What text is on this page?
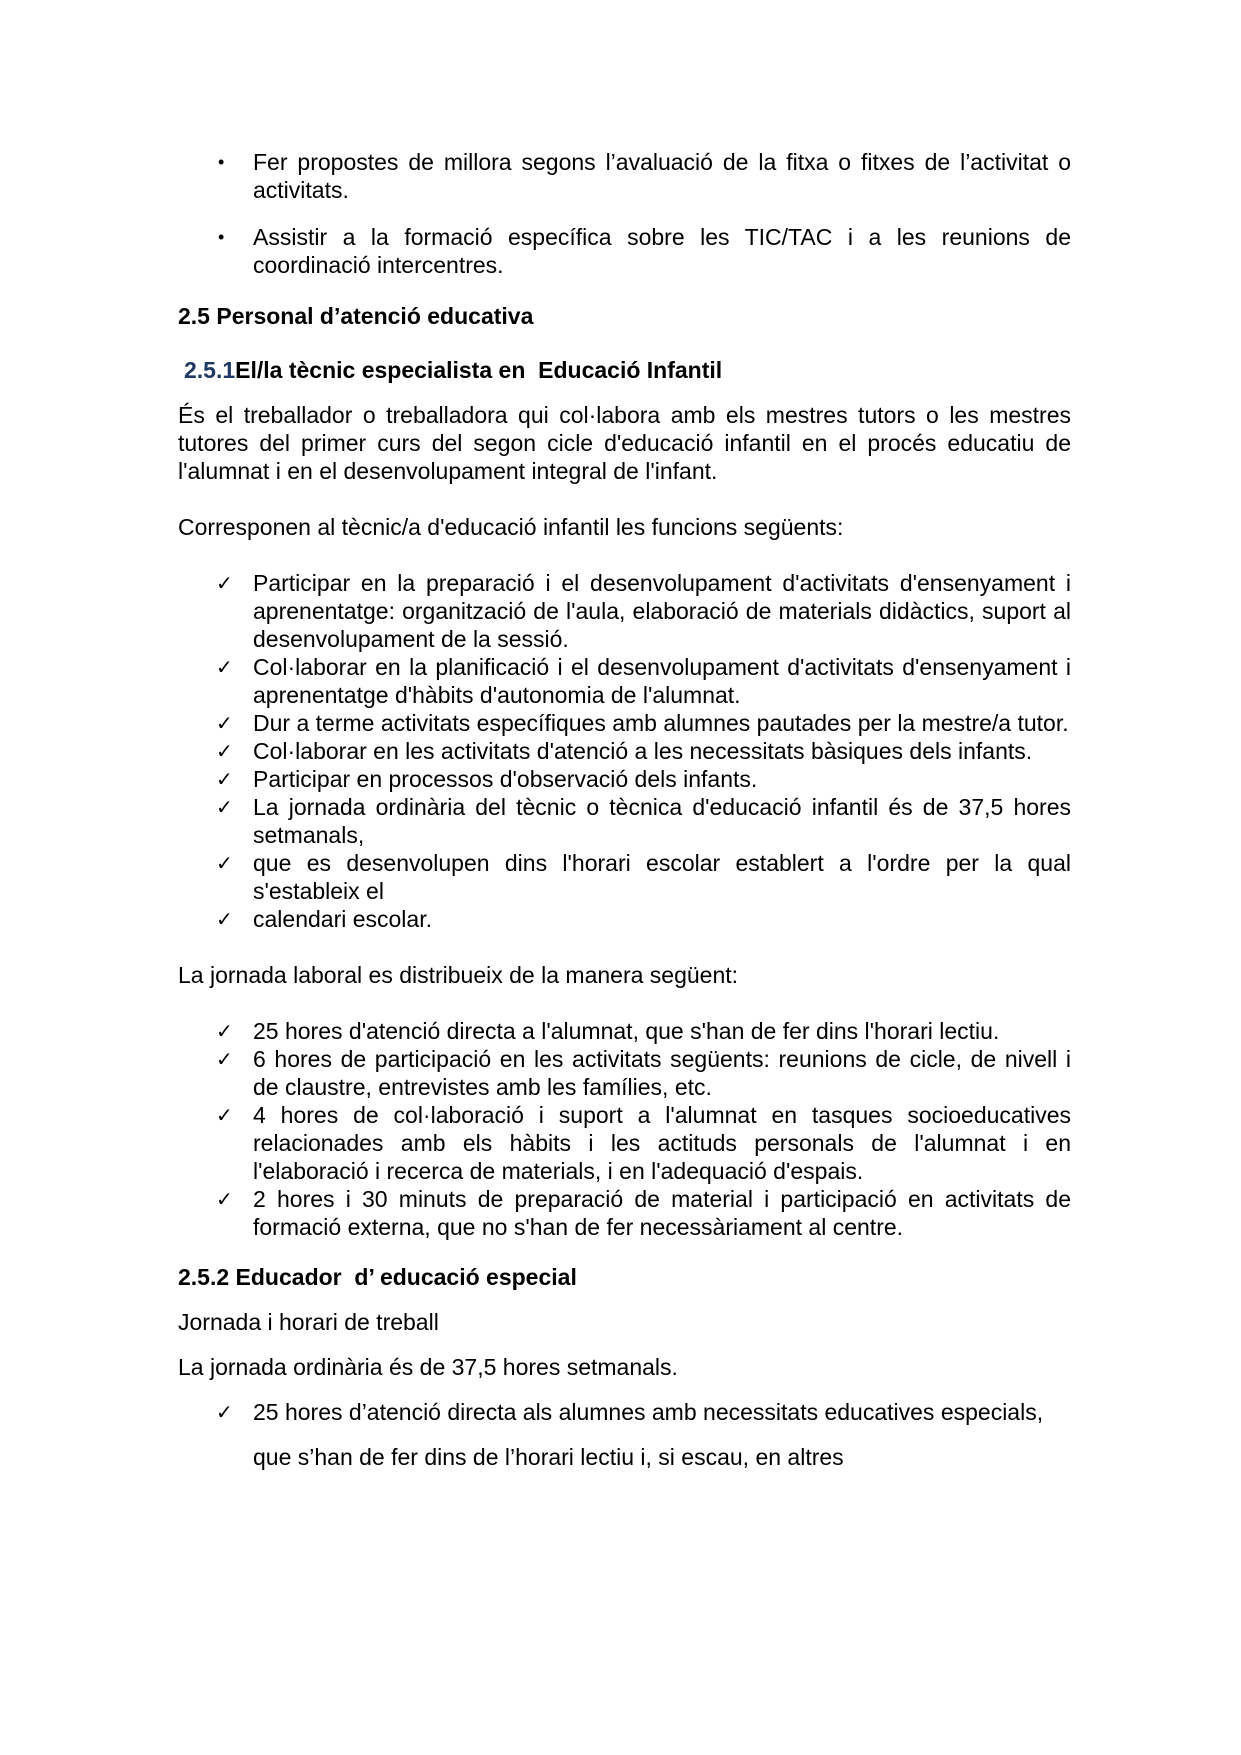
• Fer propostes de millora segons l’avaluació de la fitxa o fitxes de l’activitat o activitats.
• Assistir a la formació específica sobre les TIC/TAC i a les reunions de coordinació intercentres.
2.5 Personal d’atenció educativa
2.5.1El/la tècnic especialista en  Educació Infantil

És el treballador o treballadora qui col·labora amb els mestres tutors o les mestres tutores del primer curs del segon cicle d'educació infantil en el procés educatiu de l'alumnat i en el desenvolupament integral de l'infant.

Corresponen al tècnic/a d'educació infantil les funcions següents:

✓ Participar en la preparació i el desenvolupament d'activitats d'ensenyament i aprenentatge: organització de l'aula, elaboració de materials didàctics, suport al desenvolupament de la sessió.
✓ Col·laborar en la planificació i el desenvolupament d'activitats d'ensenyament i aprenentatge d'hàbits d'autonomia de l'alumnat.
✓ Dur a terme activitats específiques amb alumnes pautades per la mestre/a tutor.
✓ Col·laborar en les activitats d'atenció a les necessitats bàsiques dels infants.
✓ Participar en processos d'observació dels infants.
✓ La jornada ordinària del tècnic o tècnica d'educació infantil és de 37,5 hores setmanals,
✓ que es desenvolupen dins l'horari escolar establert a l'ordre per la qual s'estableix el
✓ calendari escolar.

La jornada laboral es distribueix de la manera següent:

✓ 25 hores d'atenció directa a l'alumnat, que s'han de fer dins l'horari lectiu.
✓ 6 hores de participació en les activitats següents: reunions de cicle, de nivell i de claustre, entrevistes amb les famílies, etc.
✓ 4 hores de col·laboració i suport a l'alumnat en tasques socioeducatives relacionades amb els hàbits i les actituds personals de l'alumnat i en l'elaboració i recerca de materials, i en l'adequació d'espais.
✓ 2 hores i 30 minuts de preparació de material i participació en activitats de formació externa, que no s'han de fer necessàriament al centre.
2.5.2 Educador  d’ educació especial

Jornada i horari de treball

La jornada ordinària és de 37,5 hores setmanals.

✓ 25 hores d’atenció directa als alumnes amb necessitats educatives especials, que s’han de fer dins de l’horari lectiu i, si escau, en altres
